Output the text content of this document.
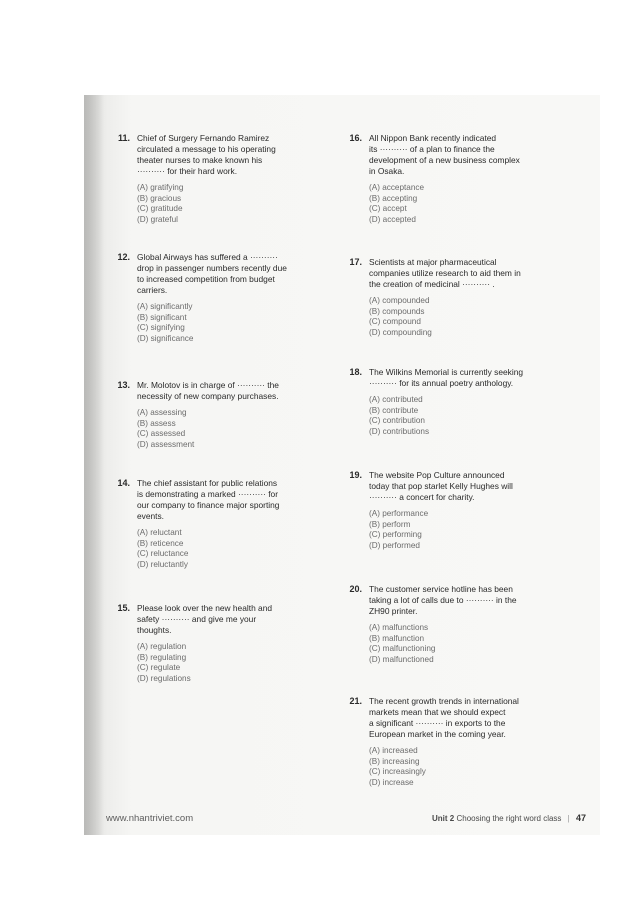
11. Chief of Surgery Fernando Ramirez
circulated a message to his operating
theater nurses to make known his
·········· for their hard work.
(A) gratifying
(B) gracious
(C) gratitude
(D) grateful
12. Global Airways has suffered a ··········
drop in passenger numbers recently due
to increased competition from budget
carriers.
(A) significantly
(B) significant
(C) signifying
(D) significance
13. Mr. Molotov is in charge of ·········· the
necessity of new company purchases.
(A) assessing
(B) assess
(C) assessed
(D) assessment
14. The chief assistant for public relations
is demonstrating a marked ·········· for
our company to finance major sporting
events.
(A) reluctant
(B) reticence
(C) reluctance
(D) reluctantly
15. Please look over the new health and
safety ·········· and give me your
thoughts.
(A) regulation
(B) regulating
(C) regulate
(D) regulations
16. All Nippon Bank recently indicated
its ·········· of a plan to finance the
development of a new business complex
in Osaka.
(A) acceptance
(B) accepting
(C) accept
(D) accepted
17. Scientists at major pharmaceutical
companies utilize research to aid them in
the creation of medicinal ·········· .
(A) compounded
(B) compounds
(C) compound
(D) compounding
18. The Wilkins Memorial is currently seeking
·········· for its annual poetry anthology.
(A) contributed
(B) contribute
(C) contribution
(D) contributions
19. The website Pop Culture announced
today that pop starlet Kelly Hughes will
·········· a concert for charity.
(A) performance
(B) perform
(C) performing
(D) performed
20. The customer service hotline has been
taking a lot of calls due to ·········· in the
ZH90 printer.
(A) malfunctions
(B) malfunction
(C) malfunctioning
(D) malfunctioned
21. The recent growth trends in international
markets mean that we should expect
a significant ·········· in exports to the
European market in the coming year.
(A) increased
(B) increasing
(C) increasingly
(D) increase
www.nhantriviet.com	Unit 2 Choosing the right word class | 47
